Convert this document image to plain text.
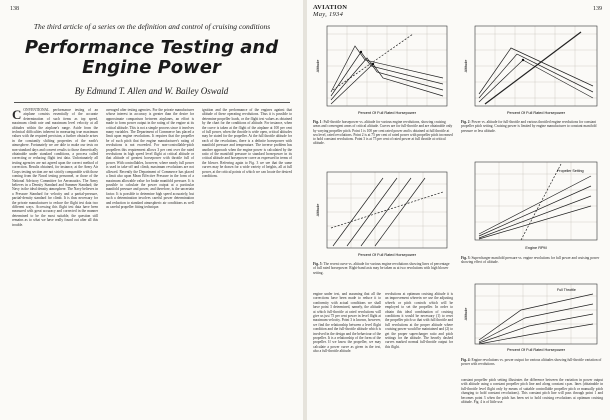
138
The third article of a series on the definition and control of cruising conditions
Performance Testing and
Engine Power
By Edmund T. Allen and W. Bailey Oswald
CONVENTIONAL performance testing of an airplane consists essentially of the accurate determination of such items as top speed, maximum climb rate and maximum level velocity at all altitudes within the airplane's range. Aside from the technical difficulties inherent in measuring true maximum values with the required precision, a further obstacle arises in the constantly shifting properties of the earth's atmosphere. Fortunately we are able to make our tests on non-standard days and convert results to those theoretically obtainable under standard conditions, a process called correcting or reducing flight test data. Unfortunately all testing agencies are not agreed upon the correct method of correction. Results obtained, for instance, at the Army Air Corps testing section are not strictly comparable with those coming from the Naval testing personnel, or those of the National Advisory Committee for Aeronautics. The Army believes in a Density Standard and Summer Standard; the Navy in the ideal density atmosphere. The Navy believes in a Pressure Standard for velocity and a partial-pressure, partial-density standard for climb. It is thus necessary for the private manufacturer to reduce the flight test data two different ways. Accessing this flight test data have been measured with great accuracy and corrected in the manner determined to be the most suitable, the question still remains as to what we have really found out after all this trouble.
averaged after testing agencies. For the private manufacturer whose interest in accuracy is greater than the desire for approximate comparison between airplanes, an effort is made to form power output in the rating of the engine at its critical altitude. This is not a simple process since it involves many variables. The Department of Commerce has placed a limit upon engine revolutions. It requires that the propeller be of such pitch that the engine manufacturer's rating of revolutions is not exceeded. For non-controllable-pitch propellers this requirement allows 3 per cent over the rated revolutions in high speed level flight at critical altitude or that altitude of greatest horsepower with throttle full of power. With controllables, however, where nearly full power is used in take-off and climb, maximum revolutions are not allowed. Recently the Department of Commerce has placed a limit also upon Mean Effective Pressure in the form of a maximum allowable value for brake manifold pressure. It is possible to calculate the power output at a particular manifold pressure and power, and therefore, is the uncertain factor. It is possible to determine high speed accurately, but such a determination involves careful power determination and reduction to standard atmospheric air conditions as well as careful propeller fitting technique.
ignition and the performance of the engines against that altitude of these operating revolutions. Thus it is possible to determine propeller loads, or the flight test values as obtained by the chart for the conditions of altitude. For instance, when the curve is taken at the flight of the airplane at 100 per cent of full power, when the throttle is wide open, critical altitudes may be stated for the propeller. At the full throttle altitude for each of the revolutions, there is a definite horsepower with manifold pressure and temperature. The inverse problem has another approach when the engine power is calculated by the ratio of the manifold pressure to standard horsepower in its critical altitude and horsepower curve as expressed in terms of the blower. Referring again to Fig. 3 we see that the same curves may be drawn for a wide variety of heights, all at full power, at the critical points of which we can locate the desired conditions.
AVIATION
May, 1934
139
Percent Of Full Rated Horsepower
Altitude
Fig. 1: Full-throttle horsepower vs. altitude for various engine revolutions, showing cruising areas and convergent areas of critical altitude. Curves are for full-throttle and are obtainable only by varying propeller pitch. Point 1 is 100 per cent rated power and is obtained at full throttle at sea level, rated revolutions. Point 2 is at 75 per cent of rated power with propeller pitch increased to hold constant revolutions. Point 3 is at 75 per cent of rated power at full throttle at critical altitude.
Percent Of Full Rated Horsepower
Altitude
Fig. 2: Power vs. altitude for full-throttle and various throttled engine revolutions for constant propeller pitch setting. Cruising power is limited by engine manufacturer to constant manifold pressure or less altitude.
Propeller Setting
Engine RPM
Fig. 3: Supercharger manifold pressure vs. engine revolutions for full power and cruising power showing effect of altitude.
Percent Of Full Rated Horsepower
Altitude
Fig. 5: The recent curve vs. altitude for various engine revolutions showing lines of percentage of full rated horsepower. Right-hand axis may be taken as at two revolutions with high blower setting.
Full Throttle
Percent Of Full Rated Horsepower
Altitude
Fig. 4: Engine revolutions vs. power output for various altitudes showing full-throttle variation of power with revolutions.
engine under test, and assuming that all the corrections have been made to reduce it to conformity with actual conditions we shall have point 3 determined, namely, the altitude at which full-throttle at rated revolutions will give us just 75 per cent power in level flight at maximum velocity. Point 3 is known, however, we find the relationship between a level flight condition and the full-throttle altitude which is involved in the design and the behaviour of the propeller. It is a relationship of the form of the propeller. If we know the propeller, we may calculate a power curve as given in the test, also a full-throttle altitude.
revolutions at optimum cruising altitude it is an improvement wherein we use the adjusting wheels or pitch controls which will be employed to set the propeller. In order to obtain this ideal combination of cruising conditions it would be necessary (1) to reset the propeller pitch so that with full throttle and full revolutions at the proper altitude where cruising power would be maintained and (2) to get the proper supercharger ratio and pitch settings for the altitude. The heavily dashed curves marked normal full-throttle output for this flight.
constant propeller pitch setting illustrates the difference between the variation in power output with altitude using a constant propeller pitch line and along constant r.p.m. lines (obtainable in full-throttle level flight only by means of suitable controllable propeller pitch or manually pitch changing to hold constant revolutions). This constant pitch line will pass through point 1 and becomes point 3 when the pitch has been set to hold cruising revolutions at optimum cruising altitude. Fig. 4 is of little use.
